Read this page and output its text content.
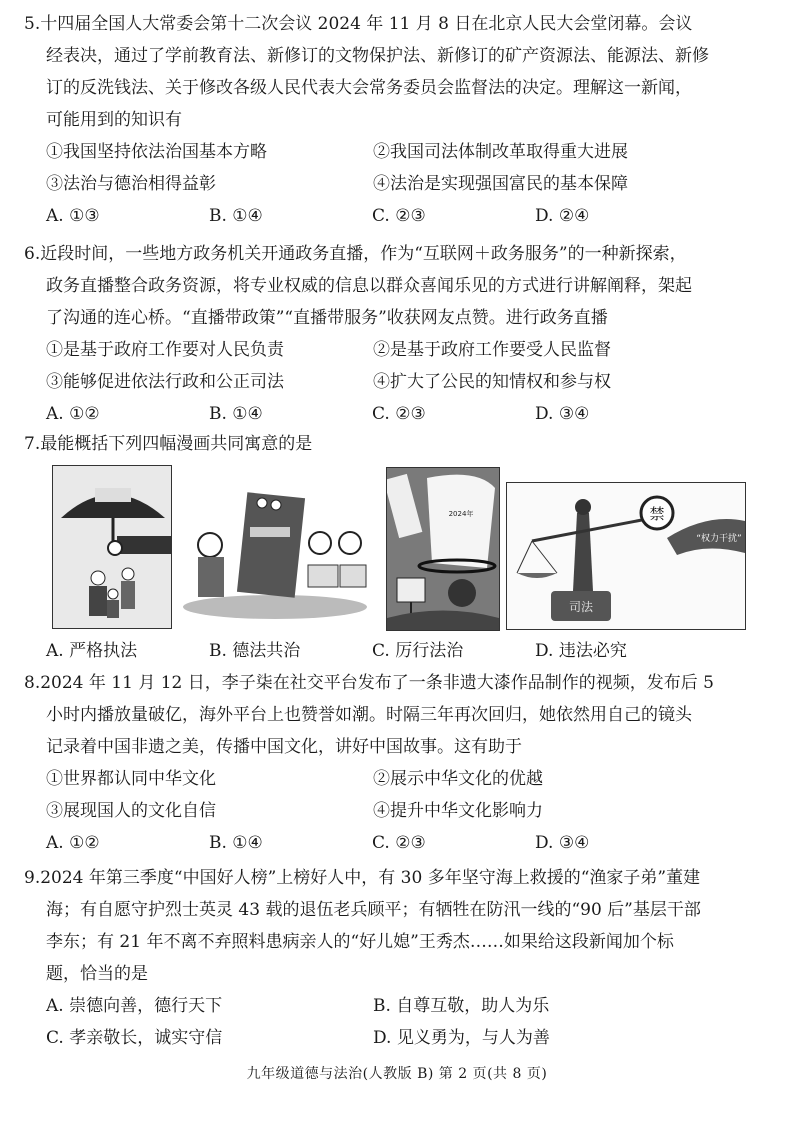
5.十四届全国人大常委会第十二次会议 2024 年 11 月 8 日在北京人民大会堂闭幕。会议
经表决，通过了学前教育法、新修订的文物保护法、新修订的矿产资源法、能源法、新修
订的反洗钱法、关于修改各级人民代表大会常务委员会监督法的决定。理解这一新闻，
可能用到的知识有
①我国坚持依法治国基本方略	②我国司法体制改革取得重大进展
③法治与德治相得益彰	④法治是实现强国富民的基本保障
A. ①③	B. ①④	C. ②③	D. ②④
6.近段时间，一些地方政务机关开通政务直播，作为“互联网＋政务服务”的一种新探索，
政务直播整合政务资源，将专业权威的信息以群众喜闻乐见的方式进行讲解阐释，架起
了沟通的连心桥。“直播带政策”“直播带服务”收获网友点赞。进行政务直播
①是基于政府工作要对人民负责	②是基于政府工作要受人民监督
③能够促进依法行政和公正司法	④扩大了公民的知情权和参与权
A. ①②	B. ①④	C. ②③	D. ③④
7.最能概括下列四幅漫画共同寓意的是
2024年
司法
禁
“权力干扰”
A. 严格执法	B. 德法共治	C. 厉行法治	D. 违法必究
8.2024 年 11 月 12 日，李子柒在社交平台发布了一条非遗大漆作品制作的视频，发布后 5
小时内播放量破亿，海外平台上也赞誉如潮。时隔三年再次回归，她依然用自己的镜头
记录着中国非遗之美，传播中国文化，讲好中国故事。这有助于
①世界都认同中华文化	②展示中华文化的优越
③展现国人的文化自信	④提升中华文化影响力
A. ①②	B. ①④	C. ②③	D. ③④
9.2024 年第三季度“中国好人榜”上榜好人中，有 30 多年坚守海上救援的“渔家子弟”董建
海；有自愿守护烈士英灵 43 载的退伍老兵顾平；有牺牲在防汛一线的“90 后”基层干部
李东；有 21 年不离不弃照料患病亲人的“好儿媳”王秀杰……如果给这段新闻加个标
题，恰当的是
A. 崇德向善，德行天下	B. 自尊互敬，助人为乐
C. 孝亲敬长，诚实守信	D. 见义勇为，与人为善
九年级道德与法治(人教版 B) 第 2 页(共 8 页)
